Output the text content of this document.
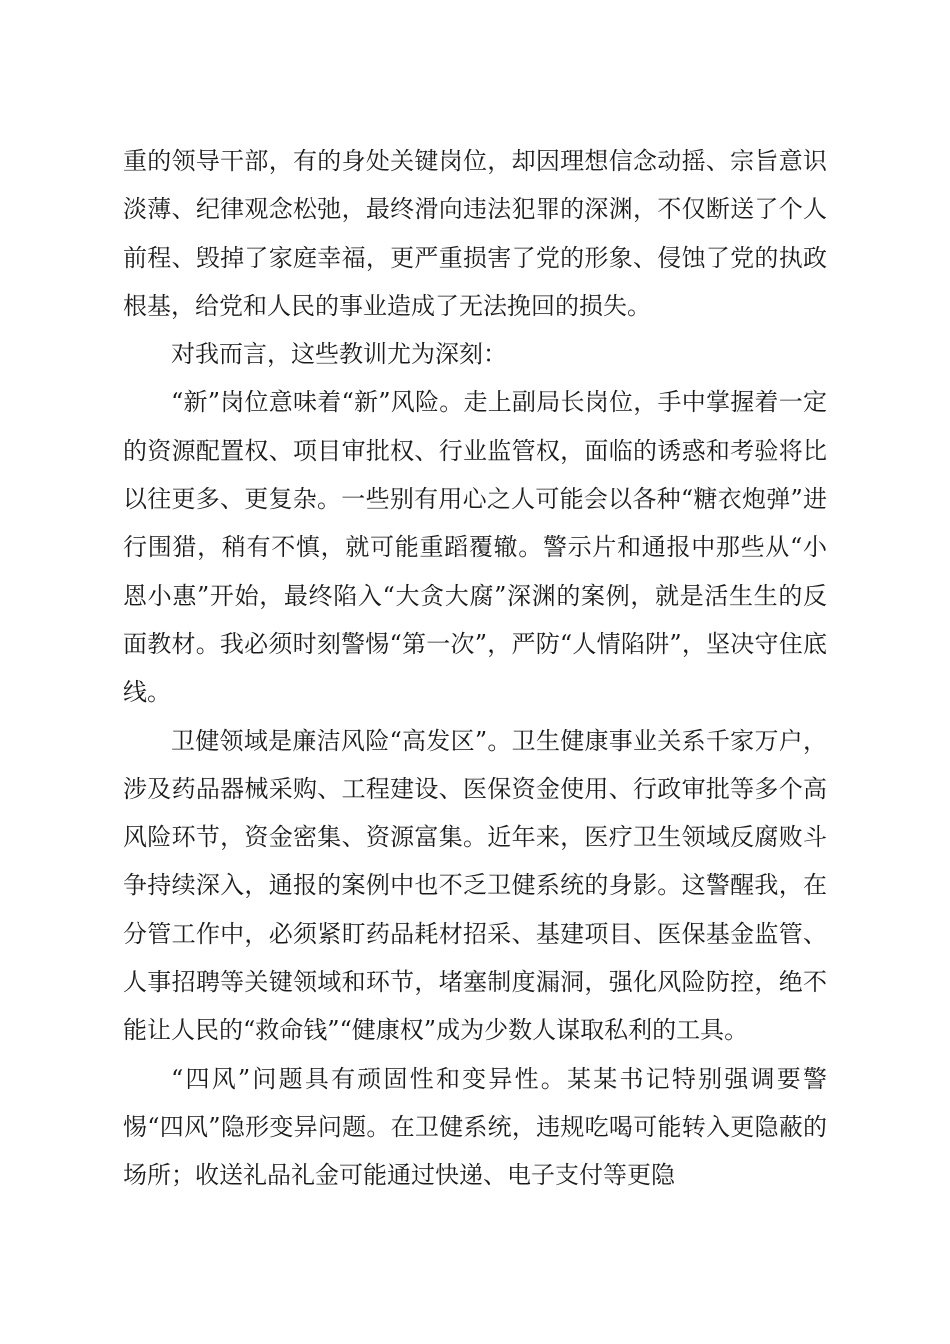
重的领导干部，有的身处关键岗位，却因理想信念动摇、宗旨意识淡薄、纪律观念松弛，最终滑向违法犯罪的深渊，不仅断送了个人前程、毁掉了家庭幸福，更严重损害了党的形象、侵蚀了党的执政根基，给党和人民的事业造成了无法挽回的损失。

对我而言，这些教训尤为深刻：

“新”岗位意味着“新”风险。走上副局长岗位，手中掌握着一定的资源配置权、项目审批权、行业监管权，面临的诱惑和考验将比以往更多、更复杂。一些别有用心之人可能会以各种“糖衣炮弹”进行围猎，稍有不慎，就可能重蹈覆辙。警示片和通报中那些从“小恩小惠”开始，最终陷入“大贪大腐”深渊的案例，就是活生生的反面教材。我必须时刻警惕“第一次”，严防“人情陷阱”，坚决守住底线。

卫健领域是廉洁风险“高发区”。卫生健康事业关系千家万户，涉及药品器械采购、工程建设、医保资金使用、行政审批等多个高风险环节，资金密集、资源富集。近年来，医疗卫生领域反腐败斗争持续深入，通报的案例中也不乏卫健系统的身影。这警醒我，在分管工作中，必须紧盯药品耗材招采、基建项目、医保基金监管、人事招聘等关键领域和环节，堵塞制度漏洞，强化风险防控，绝不能让人民的“救命钱”“健康权”成为少数人谋取私利的工具。

“四风”问题具有顽固性和变异性。某某书记特别强调要警惕“四风”隐形变异问题。在卫健系统，违规吃喝可能转入更隐蔽的场所；收送礼品礼金可能通过快递、电子支付等更隐
